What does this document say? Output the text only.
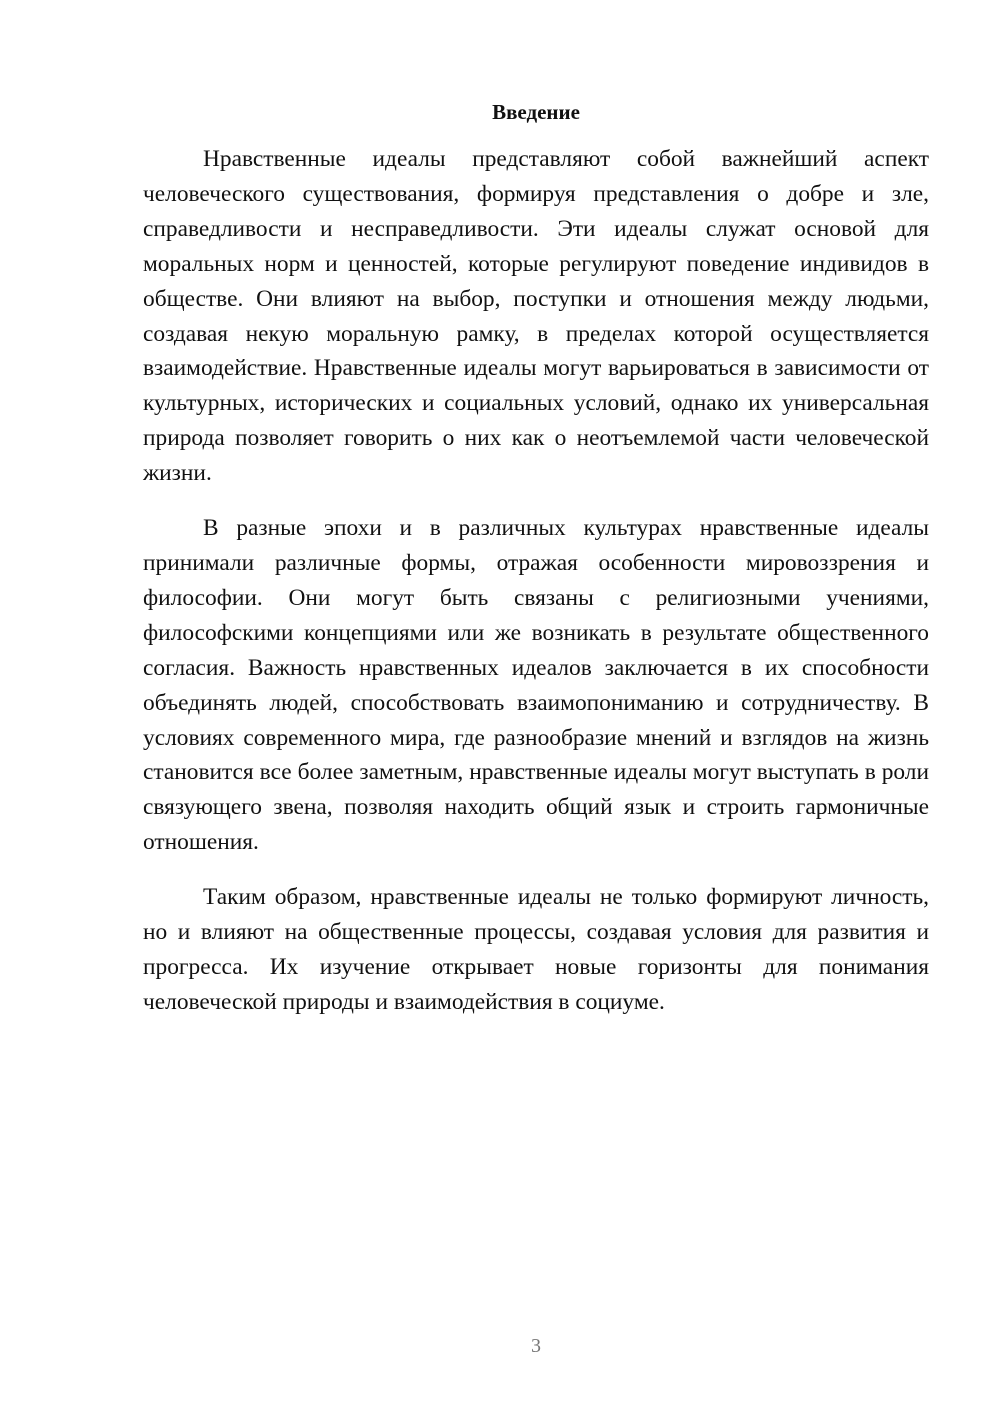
Введение

Нравственные идеалы представляют собой важнейший аспект человеческого существования, формируя представления о добре и зле, справедливости и несправедливости. Эти идеалы служат основой для моральных норм и ценностей, которые регулируют поведение индивидов в обществе. Они влияют на выбор, поступки и отношения между людьми, создавая некую моральную рамку, в пределах которой осуществляется взаимодействие. Нравственные идеалы могут варьироваться в зависимости от культурных, исторических и социальных условий, однако их универсальная природа позволяет говорить о них как о неотъемлемой части человеческой жизни.

В разные эпохи и в различных культурах нравственные идеалы принимали различные формы, отражая особенности мировоззрения и философии. Они могут быть связаны с религиозными учениями, философскими концепциями или же возникать в результате общественного согласия. Важность нравственных идеалов заключается в их способности объединять людей, способствовать взаимопониманию и сотрудничеству. В условиях современного мира, где разнообразие мнений и взглядов на жизнь становится все более заметным, нравственные идеалы могут выступать в роли связующего звена, позволяя находить общий язык и строить гармоничные отношения.

Таким образом, нравственные идеалы не только формируют личность, но и влияют на общественные процессы, создавая условия для развития и прогресса. Их изучение открывает новые горизонты для понимания человеческой природы и взаимодействия в социуме.

3
